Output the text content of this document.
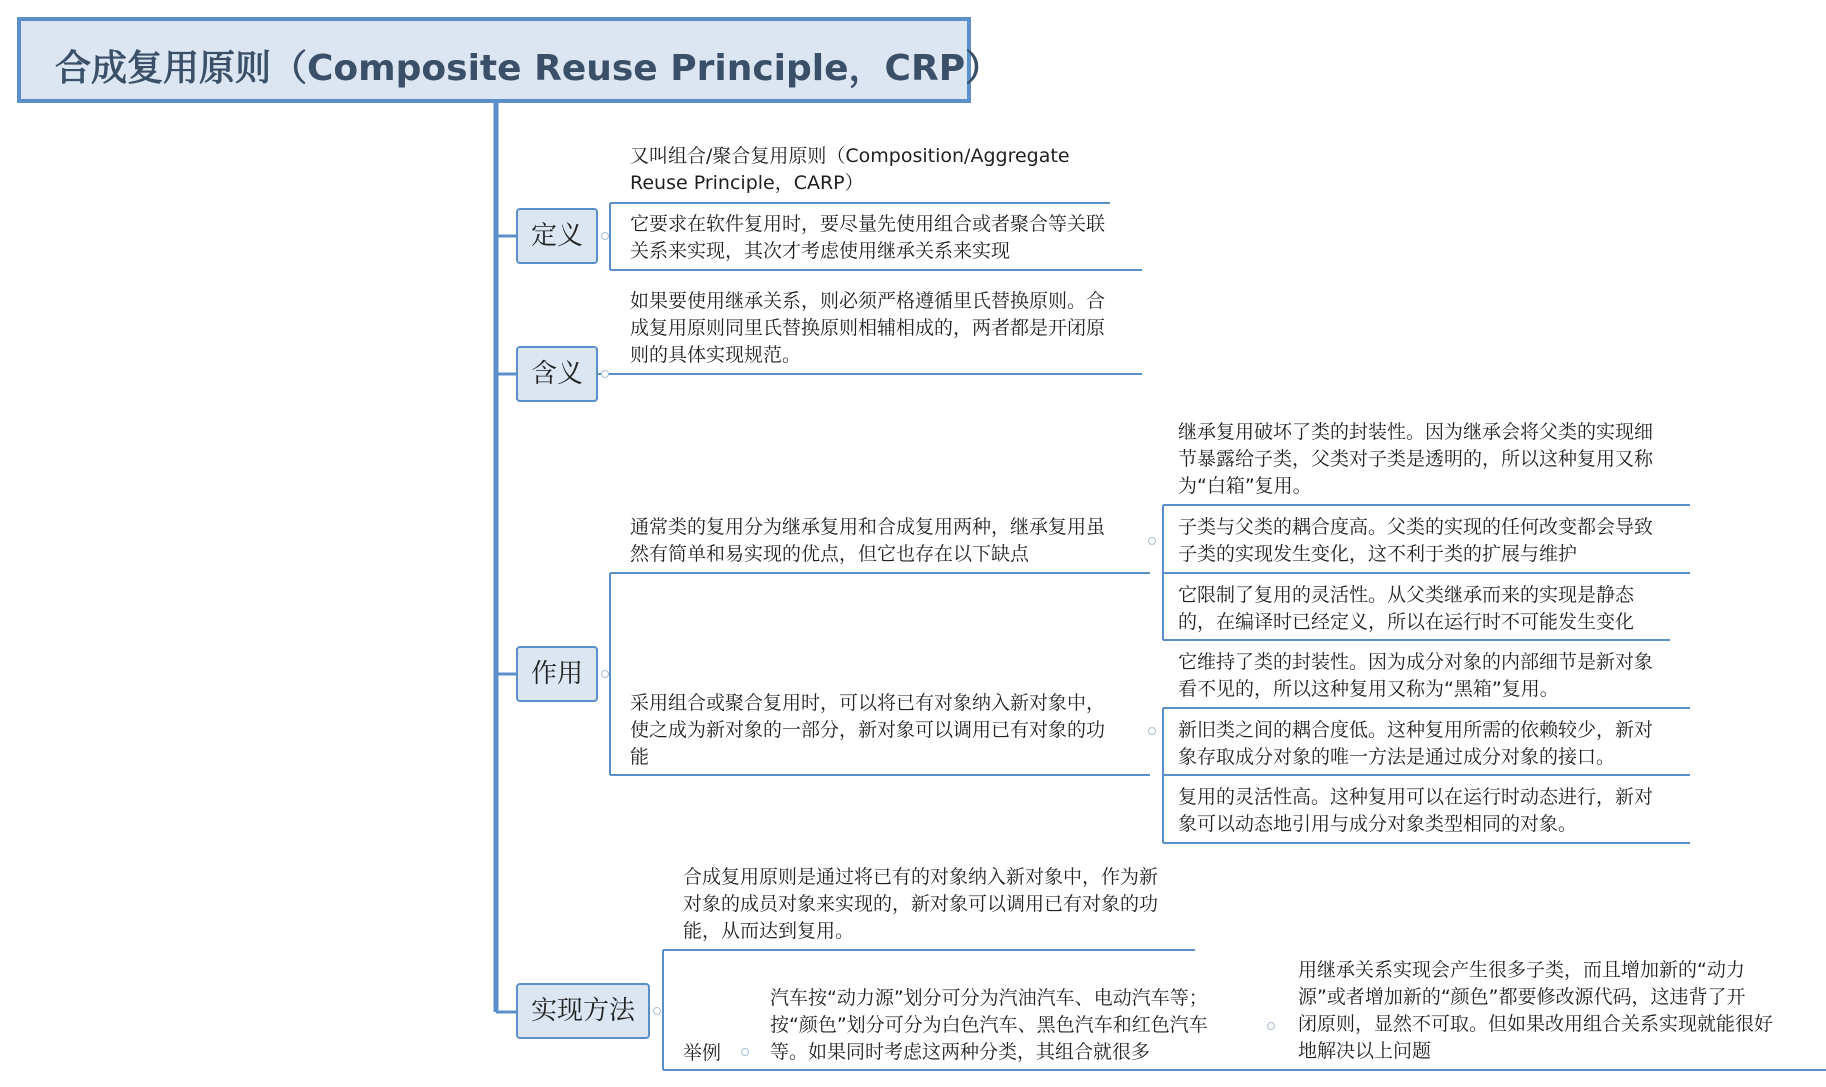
合成复用原则（Composite Reuse Principle，CRP）
定义
又叫组合/聚合复用原则（Composition/Aggregate
Reuse Principle，CARP）
它要求在软件复用时，要尽量先使用组合或者聚合等关联
关系来实现，其次才考虑使用继承关系来实现
含义
如果要使用继承关系，则必须严格遵循里氏替换原则。合
成复用原则同里氏替换原则相辅相成的，两者都是开闭原
则的具体实现规范。
作用
通常类的复用分为继承复用和合成复用两种，继承复用虽
然有简单和易实现的优点，但它也存在以下缺点
继承复用破坏了类的封装性。因为继承会将父类的实现细
节暴露给子类，父类对子类是透明的，所以这种复用又称
为“白箱”复用。
子类与父类的耦合度高。父类的实现的任何改变都会导致
子类的实现发生变化，这不利于类的扩展与维护
它限制了复用的灵活性。从父类继承而来的实现是静态
的，在编译时已经定义，所以在运行时不可能发生变化
采用组合或聚合复用时，可以将已有对象纳入新对象中，
使之成为新对象的一部分，新对象可以调用已有对象的功
能
它维持了类的封装性。因为成分对象的内部细节是新对象
看不见的，所以这种复用又称为“黑箱”复用。
新旧类之间的耦合度低。这种复用所需的依赖较少，新对
象存取成分对象的唯一方法是通过成分对象的接口。
复用的灵活性高。这种复用可以在运行时动态进行，新对
象可以动态地引用与成分对象类型相同的对象。
实现方法
合成复用原则是通过将已有的对象纳入新对象中，作为新
对象的成员对象来实现的，新对象可以调用已有对象的功
能，从而达到复用。
举例
汽车按“动力源”划分可分为汽油汽车、电动汽车等；
按“颜色”划分可分为白色汽车、黑色汽车和红色汽车
等。如果同时考虑这两种分类，其组合就很多
用继承关系实现会产生很多子类，而且增加新的“动力
源”或者增加新的“颜色”都要修改源代码，这违背了开
闭原则，显然不可取。但如果改用组合关系实现就能很好
地解决以上问题
